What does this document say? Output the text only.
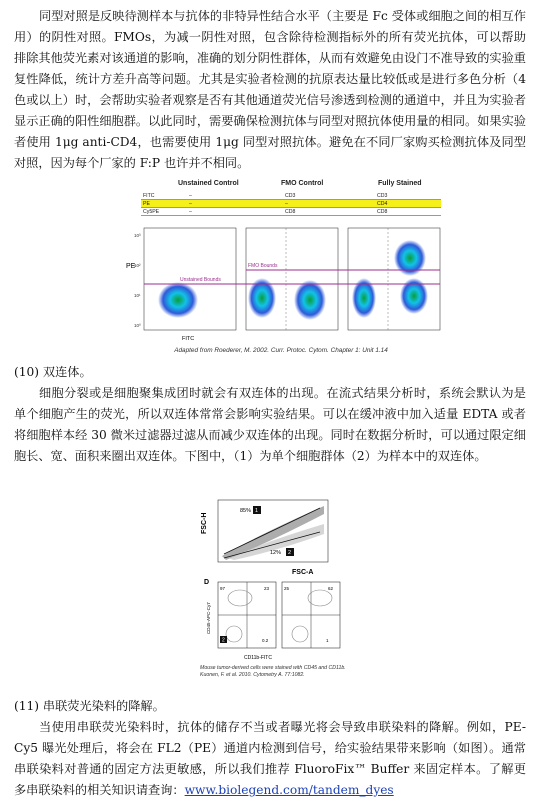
同型对照是反映待测样本与抗体的非特异性结合水平（主要是 Fc 受体或细胞之间的相互作用）的阴性对照。FMOs，为减一阴性对照，包含除待检测指标外的所有荧光抗体，可以帮助排除其他荧光素对该通道的影响，准确的划分阴性群体，从而有效避免由设门不准导致的实验重复性降低，统计方差升高等问题。尤其是实验者检测的抗原表达量比较低或是进行多色分析（4 色或以上）时，会帮助实验者观察是否有其他通道荧光信号渗透到检测的通道中，并且为实验者显示正确的阳性细胞群。以此同时，需要确保检测抗体与同型对照抗体使用量的相同。如果实验者使用 1μg anti-CD4，也需要使用 1μg 同型对照抗体。避免在不同厂家购买检测抗体及同型对照，因为每个厂家的 F:P 也许并不相同。

Unstained Control	FMO Control	Fully Stained
FITC	–	CD3	CD3
PE	–	–	CD4
Cy5PE	–	CD8	CD8
PE
10³
10²
10¹
10⁰
Unstained Bounds
FMO Bounds
FITC
Adapted from Roederer, M. 2002. Curr. Protoc. Cytom. Chapter 1: Unit 1.14

(10) 双连体。

细胞分裂或是细胞聚集成团时就会有双连体的出现。在流式结果分析时，系统会默认为是单个细胞产生的荧光，所以双连体常常会影响实验结果。可以在缓冲液中加入适量 EDTA 或者将细胞样本经 30 微米过滤器过滤从而减少双连体的出现。同时在数据分析时，可以通过限定细胞长、宽、面积来圈出双连体。下图中，（1）为单个细胞群体（2）为样本中的双连体。

FSC-H
85% 1
12% 2
FSC-A
D
CD45-APC-Cy7
97	23
0.2
25	62
1
2
CD11b-FITC
Mouse tumor-derived cells were stained with CD45 and CD11b.
Kuonen, F. et al. 2010. Cytometry A. 77:1082.

(11) 串联荧光染料的降解。

当使用串联荧光染料时，抗体的储存不当或者曝光将会导致串联染料的降解。例如，PE-Cy5 曝光处理后，将会在 FL2（PE）通道内检测到信号，给实验结果带来影响（如图）。通常串联染料对普通的固定方法更敏感，所以我们推荐 FluoroFix™ Buffer 来固定样本。了解更多串联染料的相关知识请查询：www.biolegend.com/tandem_dyes
